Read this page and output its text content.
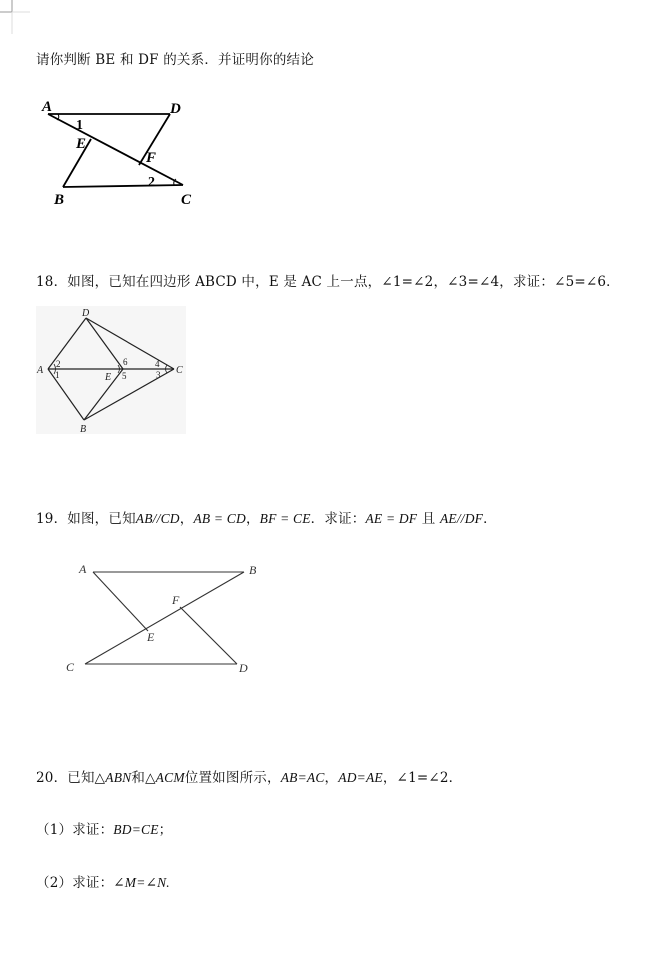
请你判断 BE 和 DF 的关系．并证明你的结论
A	D
E
F
B	C
1
2
18．如图，已知在四边形 ABCD 中，E 是 AC 上一点，∠1=∠2，∠3=∠4，求证：∠5=∠6．
D
A
E
C
B
2
1
6
5
4
3
19．如图，已知AB//CD，AB = CD，BF = CE．求证：AE = DF 且 AE//DF．
A	B
F
E
C	D
20．已知△ABN和△ACM位置如图所示，AB=AC，AD=AE，∠1=∠2．
（1）求证：BD=CE；
（2）求证：∠M=∠N.
